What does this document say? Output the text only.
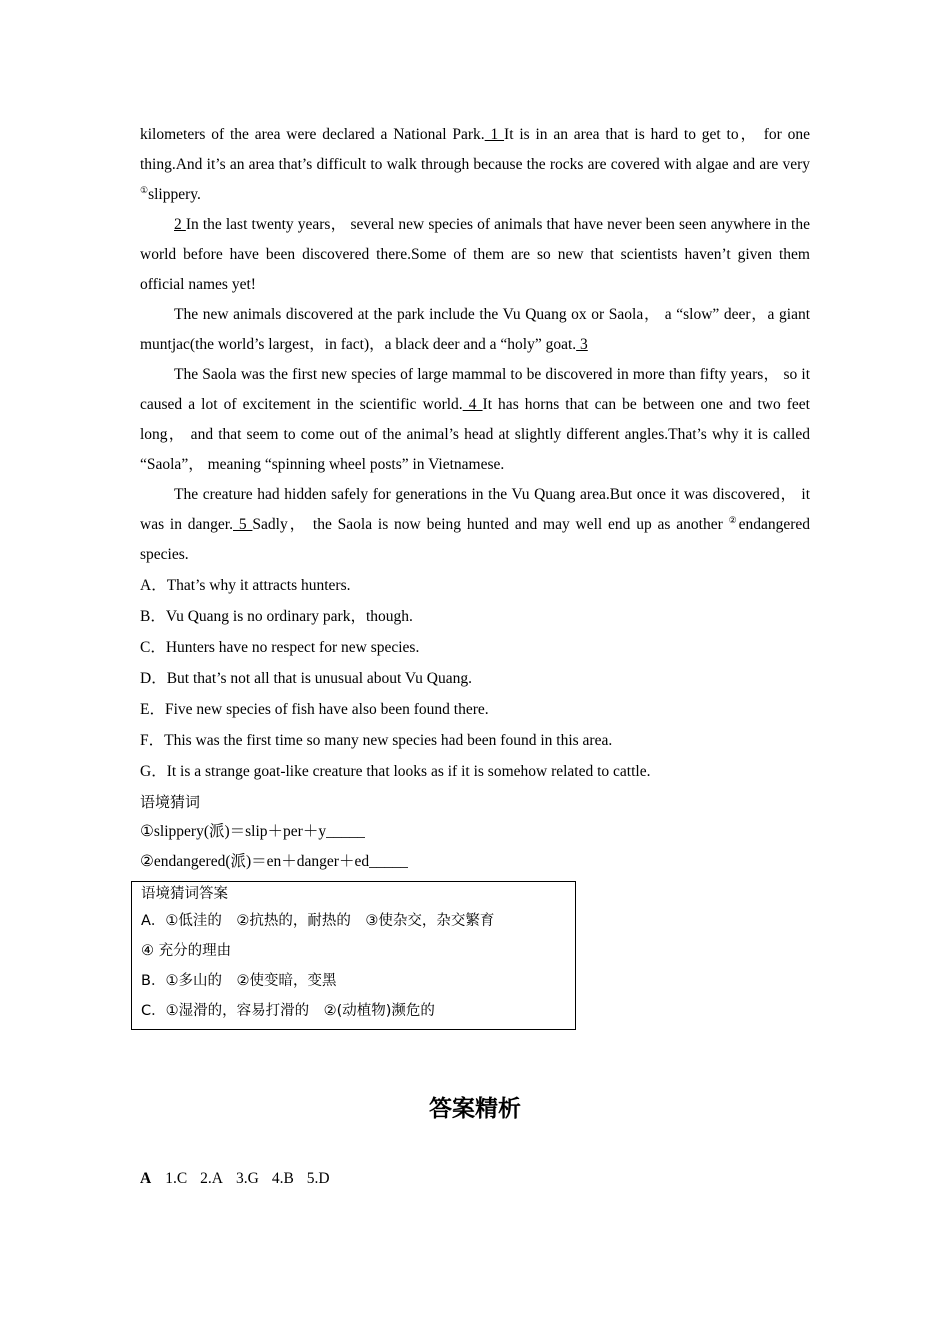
kilometers of the area were declared a National Park. 1 It is in an area that is hard to get to， for one thing.And it’s an area that’s difficult to walk through because the rocks are covered with algae and are very ①slippery.

2 In the last twenty years， several new species of animals that have never been seen anywhere in the world before have been discovered there.Some of them are so new that scientists haven’t given them official names yet!

The new animals discovered at the park include the Vu Quang ox or Saola， a “slow” deer，a giant muntjac(the world’s largest，in fact)，a black deer and a “holy” goat. 3

The Saola was the first new species of large mammal to be discovered in more than fifty years， so it caused a lot of excitement in the scientific world. 4 It has horns that can be between one and two feet long， and that seem to come out of the animal’s head at slightly different angles.That’s why it is called “Saola”， meaning “spinning wheel posts” in Vietnamese.

The creature had hidden safely for generations in the Vu Quang area.But once it was discovered， it was in danger. 5 Sadly， the Saola is now being hunted and may well end up as another ②endangered species.

A．That’s why it attracts hunters.

B．Vu Quang is no ordinary park，though.

C．Hunters have no respect for new species.

D．But that’s not all that is unusual about Vu Quang.

E．Five new species of fish have also been found there.

F．This was the first time so many new species had been found in this area.

G．It is a strange goat-like creature that looks as if it is somehow related to cattle.

语境猜词

①slippery(派)＝slip＋per＋y_____

②endangered(派)＝en＋danger＋ed_____

语境猜词答案

A．①低洼的　②抗热的，耐热的　③使杂交，杂交繁育

④ 充分的理由

B．①多山的　②使变暗，变黑

C．①湿滑的，容易打滑的　②(动植物)濒危的

答案精析
A 1.C 2.A 3.G 4.B 5.D
